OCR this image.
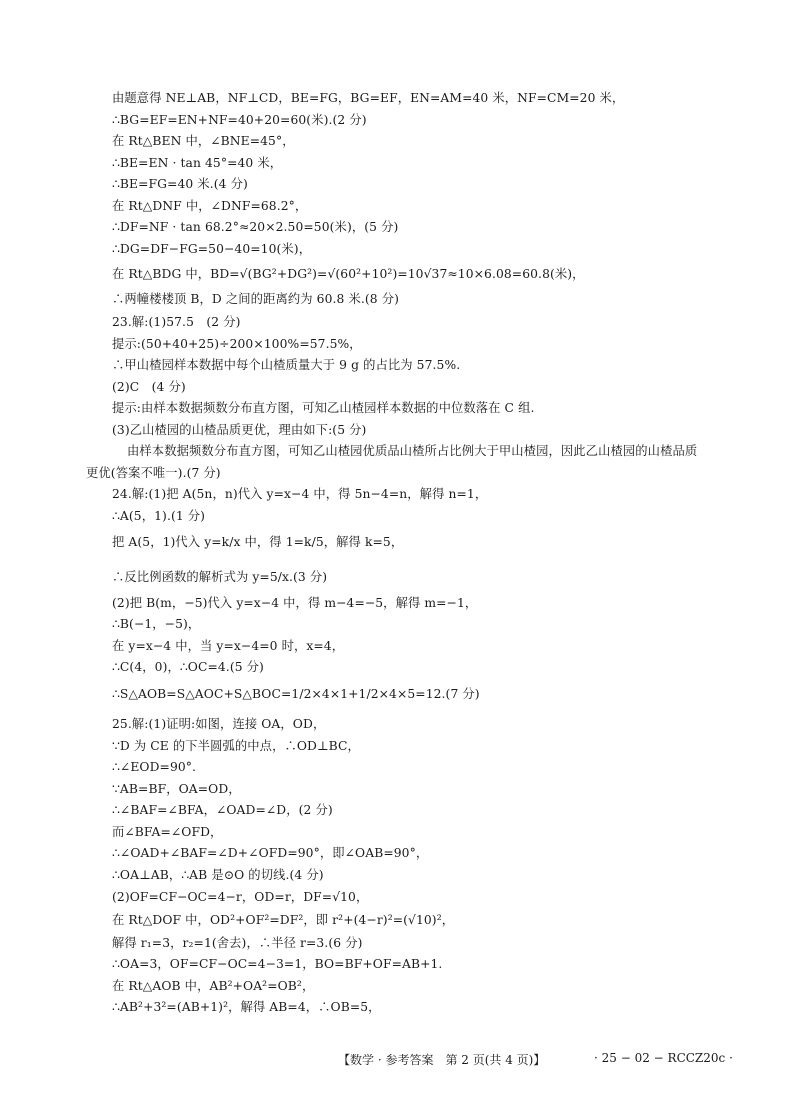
由题意得 NE⊥AB，NF⊥CD，BE=FG，BG=EF，EN=AM=40 米，NF=CM=20 米，
∴BG=EF=EN+NF=40+20=60(米).(2 分)
在 Rt△BEN 中，∠BNE=45°，
∴BE=EN · tan 45°=40 米，
∴BE=FG=40 米.(4 分)
在 Rt△DNF 中，∠DNF=68.2°，
∴DF=NF · tan 68.2°≈20×2.50=50(米)，(5 分)
∴DG=DF−FG=50−40=10(米)，
在 Rt△BDG 中，BD=√(BG²+DG²)=√(60²+10²)=10√37≈10×6.08=60.8(米)，
∴两幢楼楼顶 B，D 之间的距离约为 60.8 米.(8 分)
23.解:(1)57.5　(2 分)
提示:(50+40+25)÷200×100%=57.5%，
∴甲山楂园样本数据中每个山楂质量大于 9 g 的占比为 57.5%.
(2)C　(4 分)
提示:由样本数据频数分布直方图，可知乙山楂园样本数据的中位数落在 C 组.
(3)乙山楂园的山楂品质更优，理由如下:(5 分)
由样本数据频数分布直方图，可知乙山楂园优质品山楂所占比例大于甲山楂园，因此乙山楂园的山楂品质
更优(答案不唯一).(7 分)
24.解:(1)把 A(5n，n)代入 y=x−4 中，得 5n−4=n，解得 n=1，
∴A(5，1).(1 分)
把 A(5，1)代入 y=k/x 中，得 1=k/5，解得 k=5，
∴反比例函数的解析式为 y=5/x.(3 分)
(2)把 B(m，−5)代入 y=x−4 中，得 m−4=−5，解得 m=−1，
∴B(−1，−5)，
在 y=x−4 中，当 y=x−4=0 时，x=4，
∴C(4，0)，∴OC=4.(5 分)
∴S△AOB=S△AOC+S△BOC=1/2×4×1+1/2×4×5=12.(7 分)
25.解:(1)证明:如图，连接 OA，OD，
∵D 为 CE 的下半圆弧的中点，∴OD⊥BC，
∴∠EOD=90°.
∵AB=BF，OA=OD，
∴∠BAF=∠BFA，∠OAD=∠D，(2 分)
而∠BFA=∠OFD，
∴∠OAD+∠BAF=∠D+∠OFD=90°，即∠OAB=90°，
∴OA⊥AB，∴AB 是⊙O 的切线.(4 分)
(2)OF=CF−OC=4−r，OD=r，DF=√10，
在 Rt△DOF 中，OD²+OF²=DF²，即 r²+(4−r)²=(√10)²，
解得 r₁=3，r₂=1(舍去)，∴半径 r=3.(6 分)
∴OA=3，OF=CF−OC=4−3=1，BO=BF+OF=AB+1.
在 Rt△AOB 中，AB²+OA²=OB²，
∴AB²+3²=(AB+1)²，解得 AB=4，∴OB=5，
【数学 · 参考答案　第 2 页(共 4 页)】	· 25 − 02 − RCCZ20c ·
